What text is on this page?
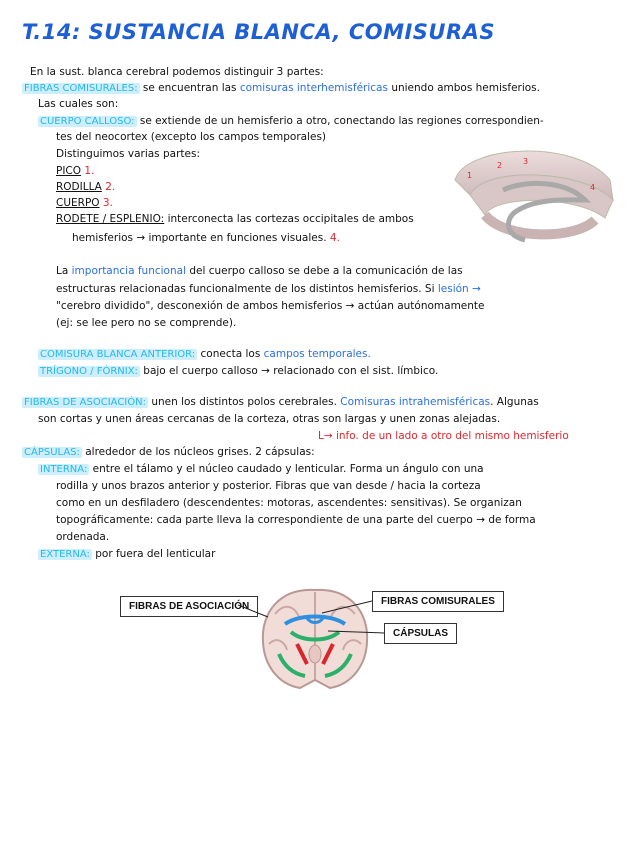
T.14: SUSTANCIA BLANCA, COMISURAS
En la sust. blanca cerebral podemos distinguir 3 partes:
FIBRAS COMISURALES: se encuentran las comisuras interhemisféricas uniendo ambos hemisferios.
Las cuales son:
CUERPO CALLOSO: se extiende de un hemisferio a otro, conectando las regiones correspondien-
tes del neocortex (excepto los campos temporales)
Distinguimos varias partes:
PICO 1.
RODILLA 2.
CUERPO 3.
RODETE / ESPLENIO: interconecta las cortezas occipitales de ambos
hemisferios → importante en funciones visuales. 4.
1
2	3
4
La importancia funcional del cuerpo calloso se debe a la comunicación de las
estructuras relacionadas funcionalmente de los distintos hemisferios. Si lesión →
"cerebro dividido", desconexión de ambos hemisferios → actúan autónomamente
(ej: se lee pero no se comprende).
COMISURA BLANCA ANTERIOR: conecta los campos temporales.
TRÍGONO / FÓRNIX: bajo el cuerpo calloso → relacionado con el sist. límbico.
FIBRAS DE ASOCIACIÓN: unen los distintos polos cerebrales. Comisuras intrahemisféricas. Algunas
son cortas y unen áreas cercanas de la corteza, otras son largas y unen zonas alejadas.
L→ info. de un lado a otro del mismo hemisferio
CÁPSULAS: alrededor de los núcleos grises. 2 cápsulas:
INTERNA: entre el tálamo y el núcleo caudado y lenticular. Forma un ángulo con una
rodilla y unos brazos anterior y posterior. Fibras que van desde / hacia la corteza
como en un desfiladero (descendentes: motoras, ascendentes: sensitivas). Se organizan
topográficamente: cada parte lleva la correspondiente de una parte del cuerpo → de forma
ordenada.
EXTERNA: por fuera del lenticular
FIBRAS DE ASOCIACIÓN	FIBRAS COMISURALES
CÁPSULAS
